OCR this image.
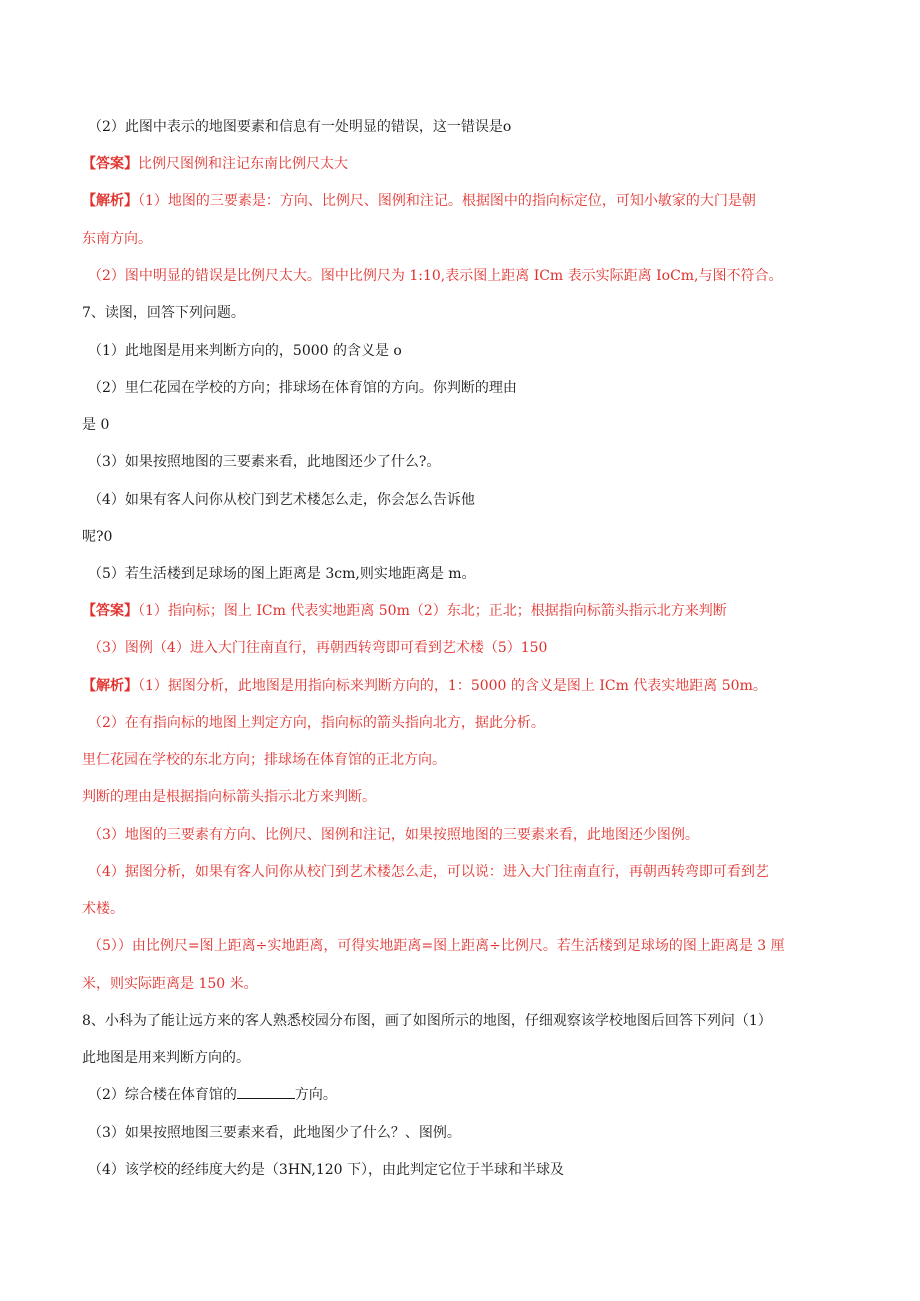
（2）此图中表示的地图要素和信息有一处明显的错误，这一错误是o
【答案】比例尺图例和注记东南比例尺太大
【解析】（1）地图的三要素是：方向、比例尺、图例和注记。根据图中的指向标定位，可知小敏家的大门是朝
东南方向。
（2）图中明显的错误是比例尺太大。图中比例尺为 1:10,表示图上距离 ICm 表示实际距离 IoCm,与图不符合。
7、读图，回答下列问题。
（1）此地图是用来判断方向的，5000 的含义是 o
（2）里仁花园在学校的方向；排球场在体育馆的方向。你判断的理由
是 0
（3）如果按照地图的三要素来看，此地图还少了什么?。
（4）如果有客人问你从校门到艺术楼怎么走，你会怎么告诉他
呢?0
（5）若生活楼到足球场的图上距离是 3cm,则实地距离是 m。
【答案】（1）指向标；图上 ICm 代表实地距离 50m（2）东北；正北；根据指向标箭头指示北方来判断
（3）图例（4）进入大门往南直行，再朝西转弯即可看到艺术楼（5）150
【解析】（1）据图分析，此地图是用指向标来判断方向的，1：5000 的含义是图上 ICm 代表实地距离 50m。
（2）在有指向标的地图上判定方向，指向标的箭头指向北方，据此分析。
里仁花园在学校的东北方向；排球场在体育馆的正北方向。
判断的理由是根据指向标箭头指示北方来判断。
（3）地图的三要素有方向、比例尺、图例和注记，如果按照地图的三要素来看，此地图还少图例。
（4）据图分析，如果有客人问你从校门到艺术楼怎么走，可以说：进入大门往南直行，再朝西转弯即可看到艺
术楼。
（5））由比例尺=图上距离÷实地距离，可得实地距离=图上距离÷比例尺。若生活楼到足球场的图上距离是 3 厘
米，则实际距离是 150 米。
8、小科为了能让远方来的客人熟悉校园分布图，画了如图所示的地图，仔细观察该学校地图后回答下列问（1）
此地图是用来判断方向的。
（2）综合楼在体育馆的	方向。
（3）如果按照地图三要素来看，此地图少了什么？、图例。
（4）该学校的经纬度大约是（3HN,120 下），由此判定它位于半球和半球及
